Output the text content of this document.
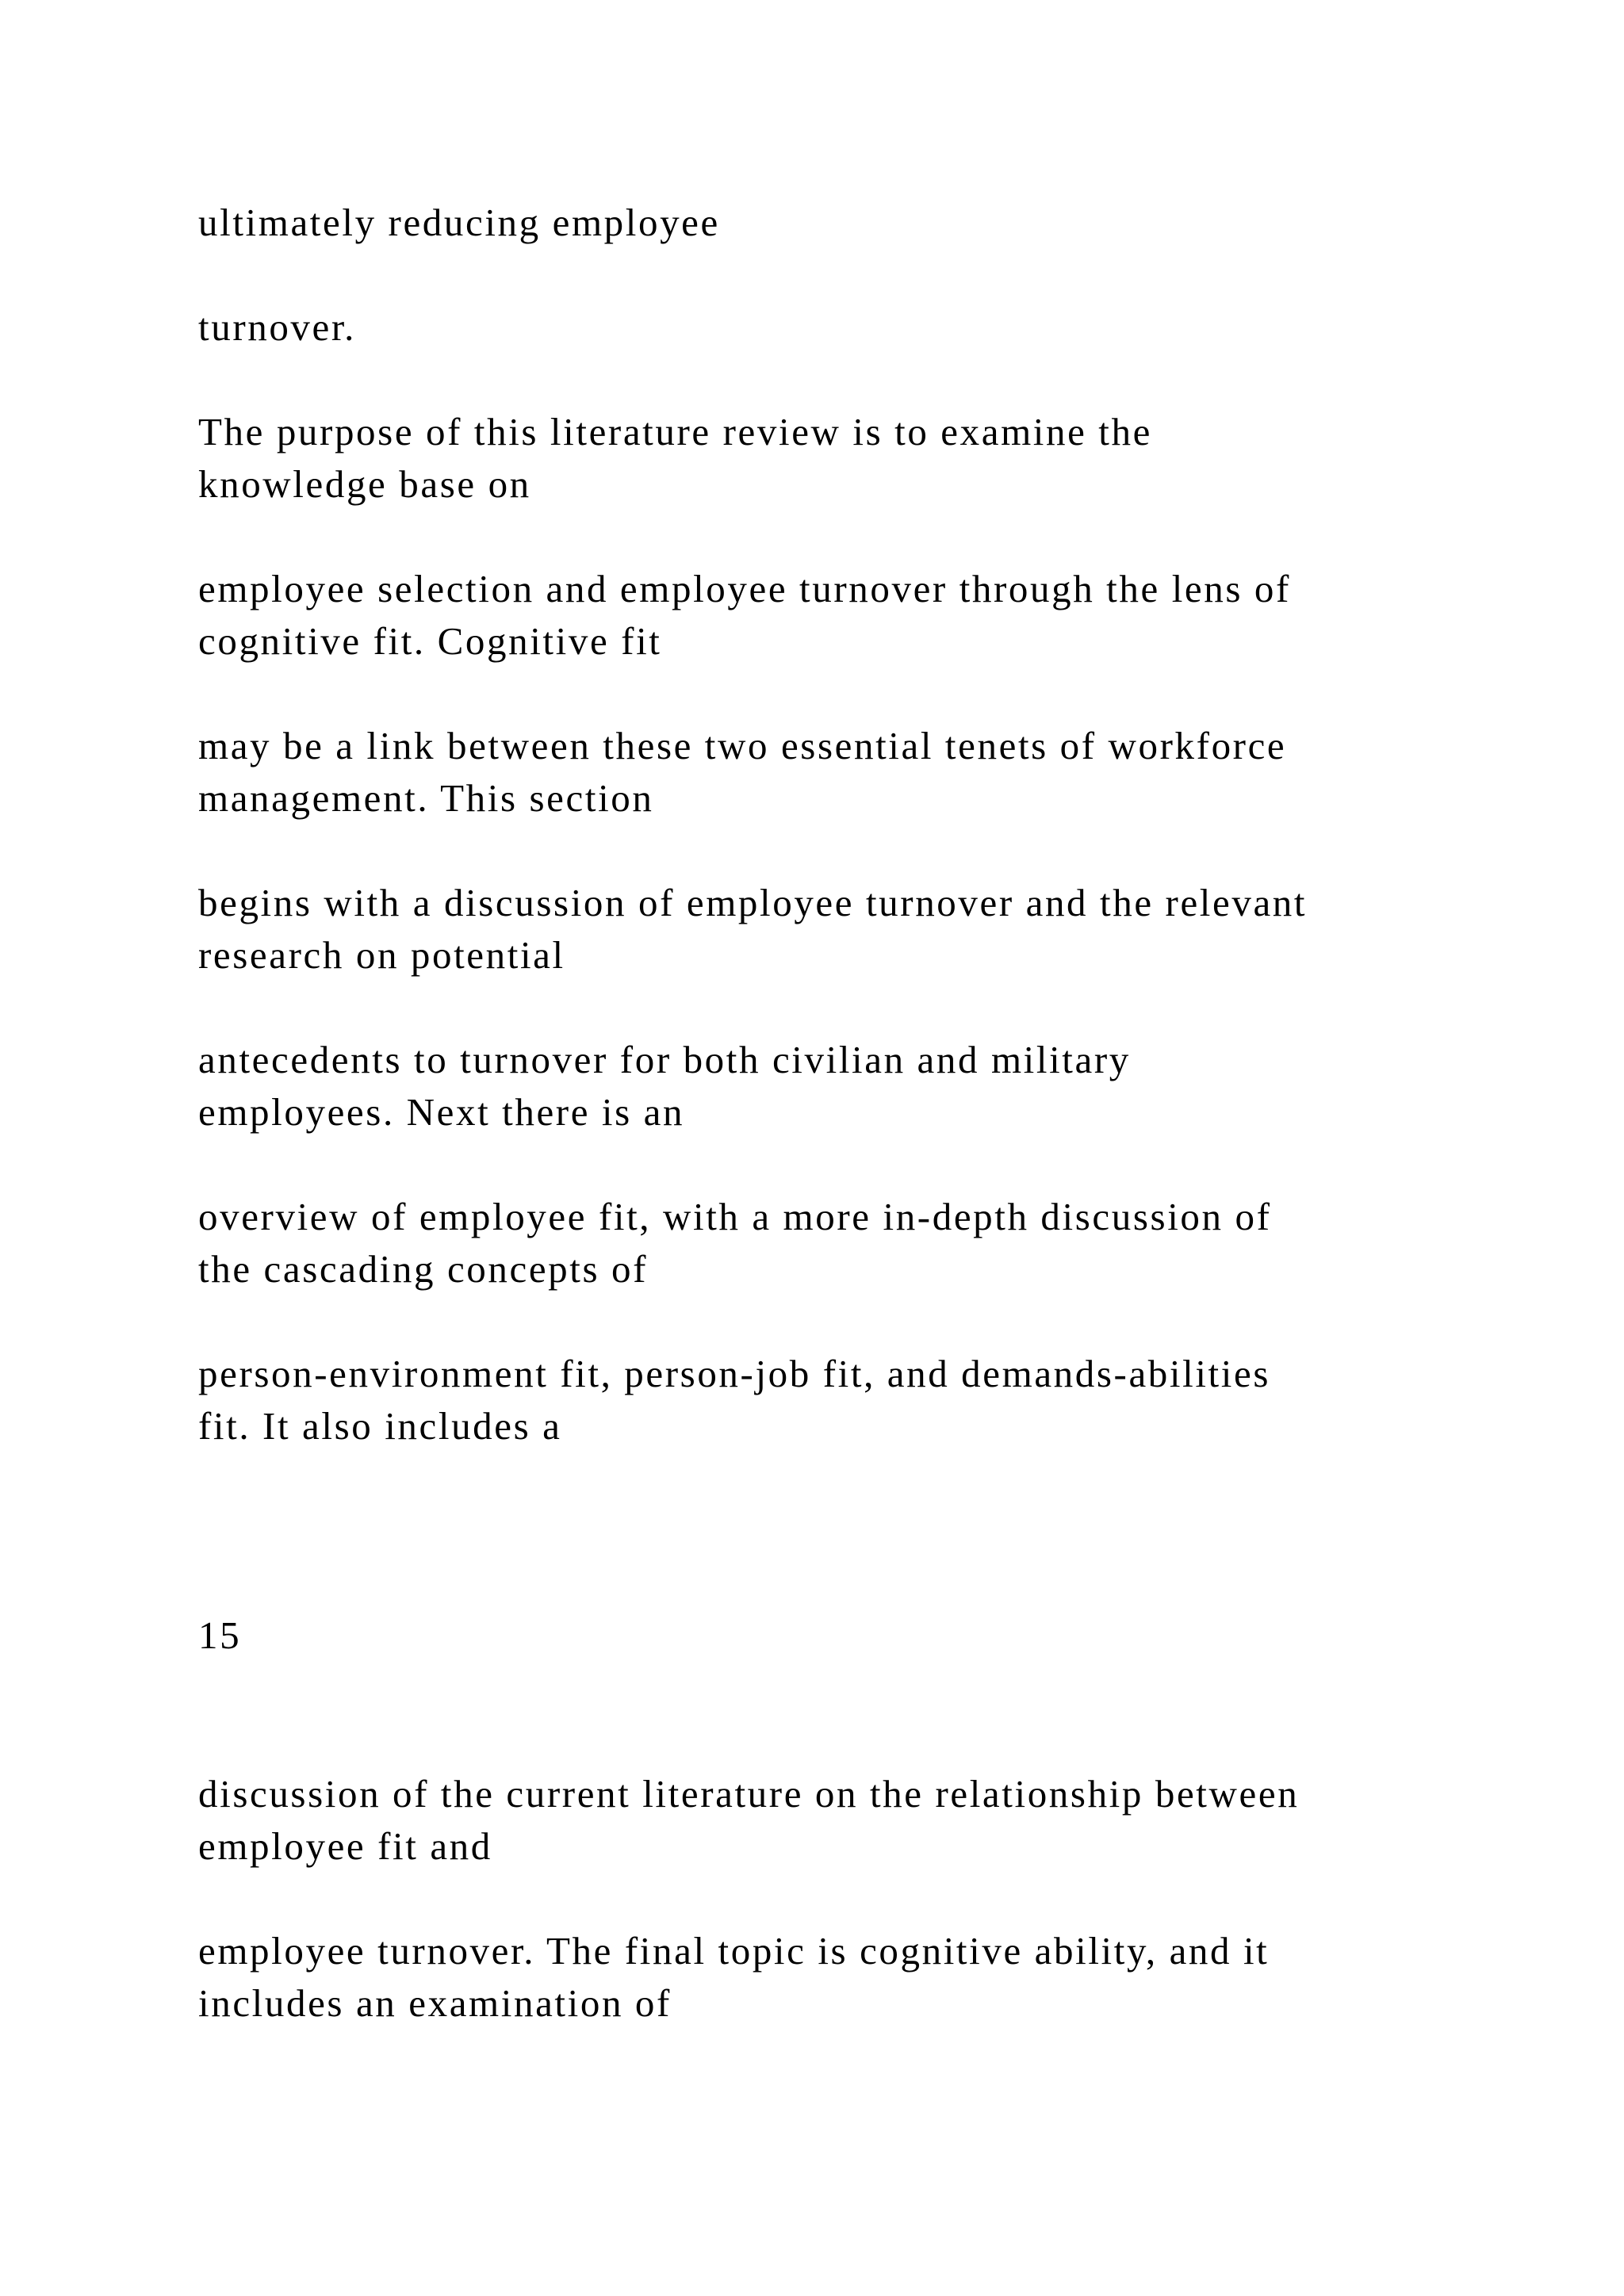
ultimately reducing employee

turnover.

The purpose of this literature review is to examine the

knowledge base on

employee selection and employee turnover through the lens of

cognitive fit. Cognitive fit

may be a link between these two essential tenets of workforce

management. This section

begins with a discussion of employee turnover and the relevant

research on potential

antecedents to turnover for both civilian and military

employees. Next there is an

overview of employee fit, with a more in-depth discussion of

the cascading concepts of

person-environment fit, person-job fit, and demands-abilities

fit. It also includes a

15

discussion of the current literature on the relationship between

employee fit and

employee turnover. The final topic is cognitive ability, and it

includes an examination of
